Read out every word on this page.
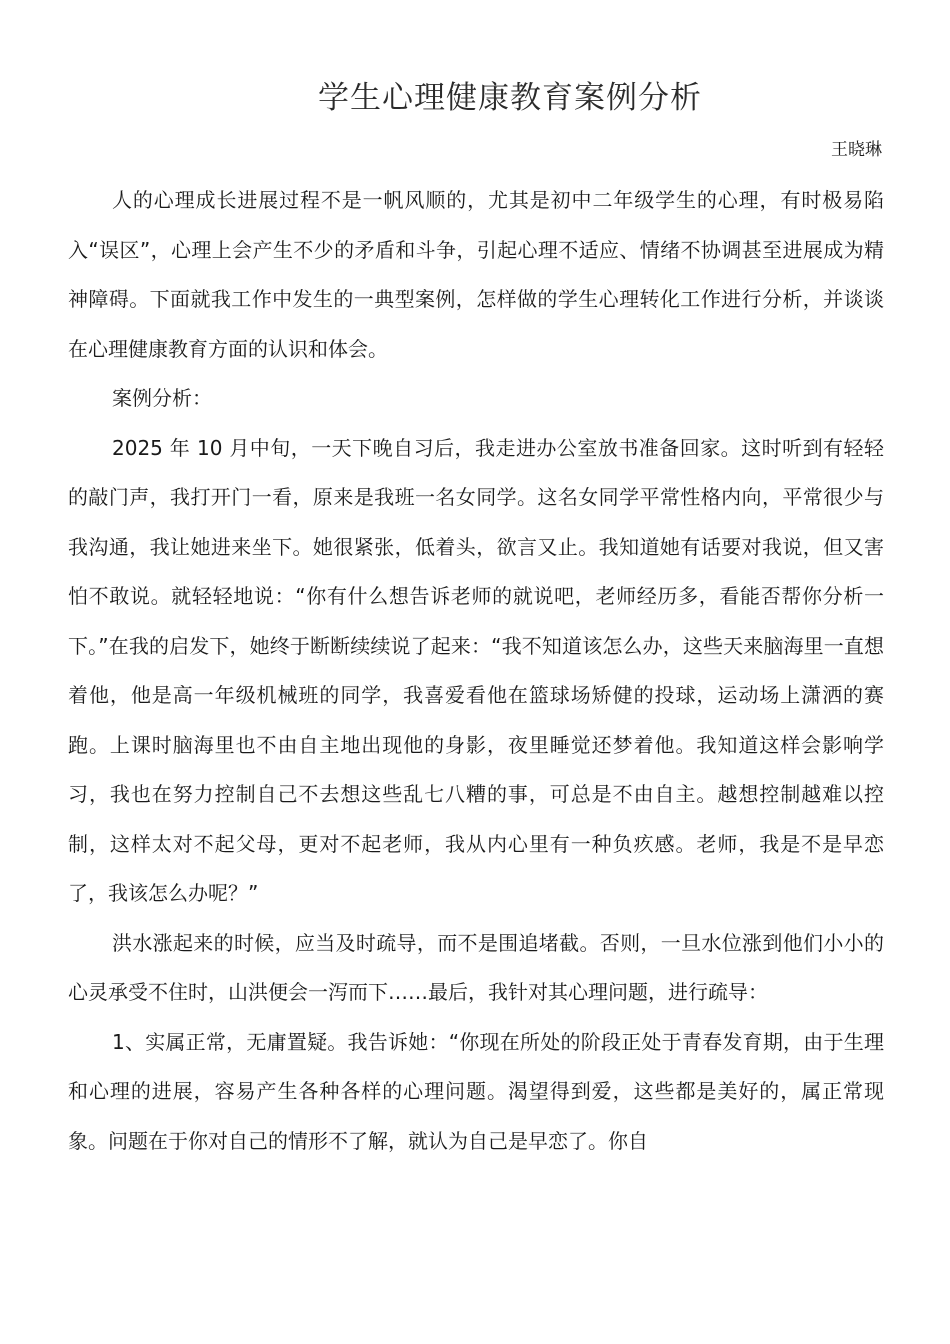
学生心理健康教育案例分析
王晓琳

人的心理成长进展过程不是一帆风顺的，尤其是初中二年级学生的心理，有时极易陷入“误区”，心理上会产生不少的矛盾和斗争，引起心理不适应、情绪不协调甚至进展成为精神障碍。下面就我工作中发生的一典型案例，怎样做的学生心理转化工作进行分析，并谈谈在心理健康教育方面的认识和体会。

案例分析：

2025 年 10 月中旬，一天下晚自习后，我走进办公室放书准备回家。这时听到有轻轻的敲门声，我打开门一看，原来是我班一名女同学。这名女同学平常性格内向，平常很少与我沟通，我让她进来坐下。她很紧张，低着头，欲言又止。我知道她有话要对我说，但又害怕不敢说。就轻轻地说：“你有什么想告诉老师的就说吧，老师经历多，看能否帮你分析一下。”在我的启发下，她终于断断续续说了起来：“我不知道该怎么办，这些天来脑海里一直想着他，他是高一年级机械班的同学，我喜爱看他在篮球场矫健的投球，运动场上潇洒的赛跑。上课时脑海里也不由自主地出现他的身影，夜里睡觉还梦着他。我知道这样会影响学习，我也在努力控制自己不去想这些乱七八糟的事，可总是不由自主。越想控制越难以控制，这样太对不起父母，更对不起老师，我从内心里有一种负疚感。老师，我是不是早恋了，我该怎么办呢？”

洪水涨起来的时候，应当及时疏导，而不是围追堵截。否则，一旦水位涨到他们小小的心灵承受不住时，山洪便会一泻而下……最后，我针对其心理问题，进行疏导：

1、实属正常，无庸置疑。我告诉她：“你现在所处的阶段正处于青春发育期，由于生理和心理的进展，容易产生各种各样的心理问题。渴望得到爱，这些都是美好的，属正常现象。问题在于你对自己的情形不了解，就认为自己是早恋了。你自
